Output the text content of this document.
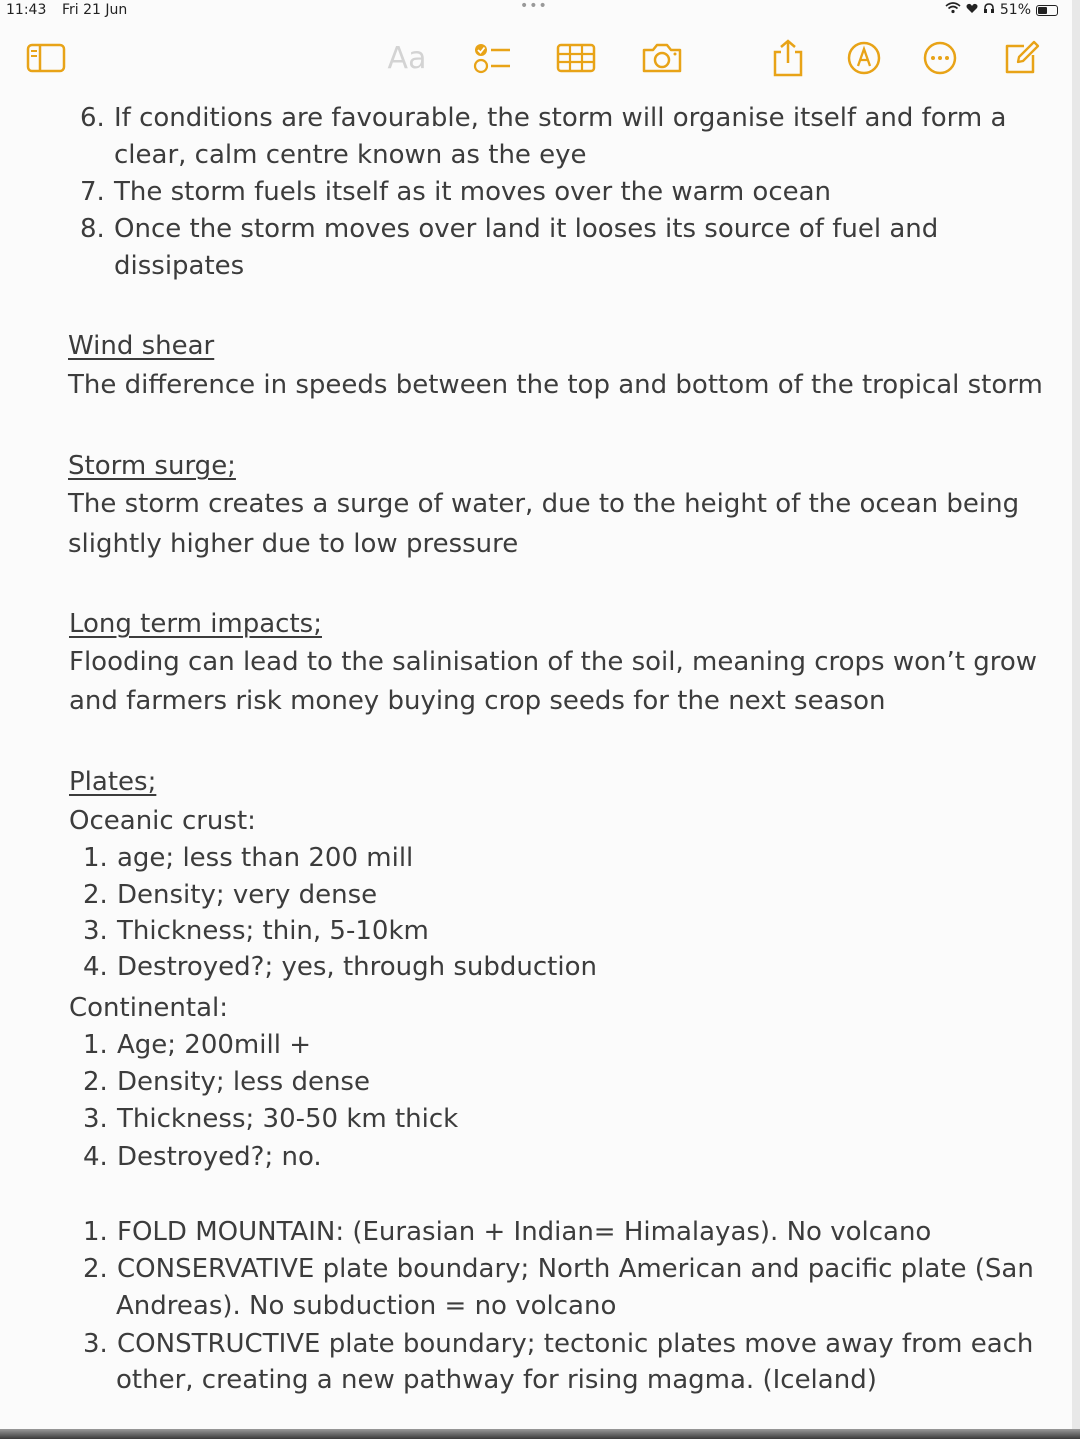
11:43 Fri 21 Jun	•••	51%
Aa
6. If conditions are favourable, the storm will organise itself and form a
clear, calm centre known as the eye
7. The storm fuels itself as it moves over the warm ocean
8. Once the storm moves over land it looses its source of fuel and
dissipates
Wind shear
The difference in speeds between the top and bottom of the tropical storm
Storm surge;
The storm creates a surge of water, due to the height of the ocean being
slightly higher due to low pressure
Long term impacts;
Flooding can lead to the salinisation of the soil, meaning crops won’t grow
and farmers risk money buying crop seeds for the next season
Plates;
Oceanic crust:
1. age; less than 200 mill
2. Density; very dense
3. Thickness; thin, 5-10km
4. Destroyed?; yes, through subduction
Continental:
1. Age; 200mill +
2. Density; less dense
3. Thickness; 30-50 km thick
4. Destroyed?; no.
1. FOLD MOUNTAIN: (Eurasian + Indian= Himalayas). No volcano
2. CONSERVATIVE plate boundary; North American and pacific plate (San
Andreas). No subduction = no volcano
3. CONSTRUCTIVE plate boundary; tectonic plates move away from each
other, creating a new pathway for rising magma. (Iceland)
